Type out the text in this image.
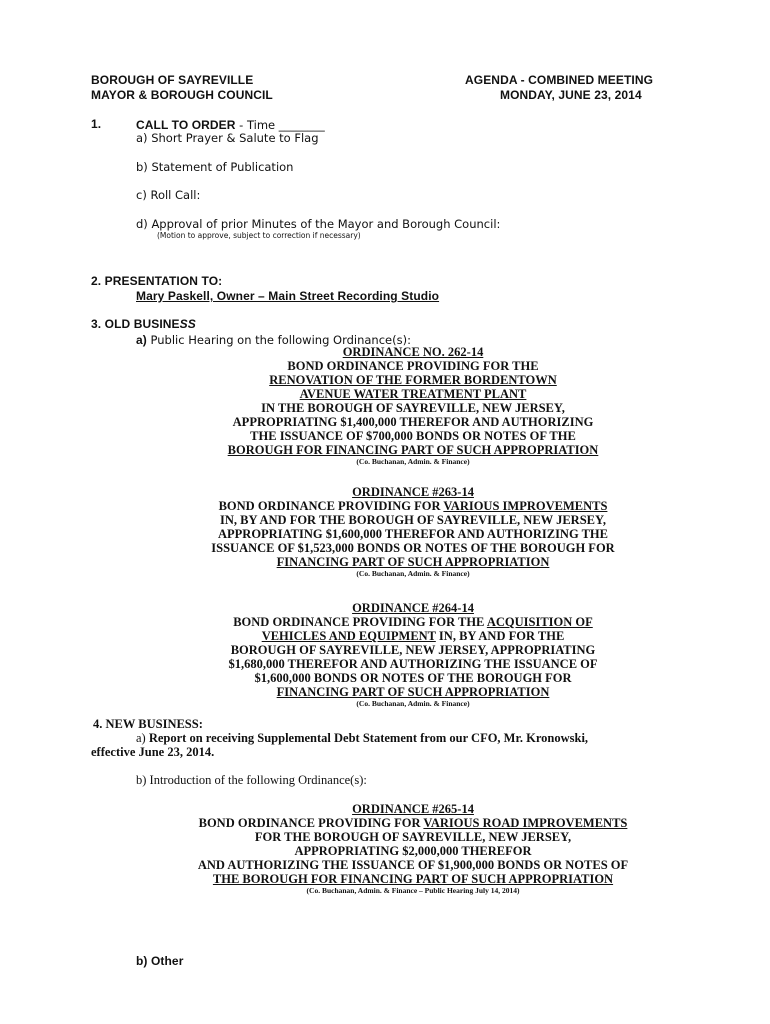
BOROUGH OF SAYREVILLE
MAYOR & BOROUGH COUNCIL
AGENDA - COMBINED MEETING
MONDAY, JUNE 23, 2014
1.	CALL TO ORDER - Time ________
a) Short Prayer & Salute to Flag
b) Statement of Publication
c) Roll Call:
d) Approval of prior Minutes of the Mayor and Borough Council:
(Motion to approve, subject to correction if necessary)
2. PRESENTATION TO:
Mary Paskell, Owner – Main Street Recording Studio
3. OLD BUSINESS
a) Public Hearing on the following Ordinance(s):
ORDINANCE NO. 262-14
BOND ORDINANCE PROVIDING FOR THE
RENOVATION OF THE FORMER BORDENTOWN
AVENUE WATER TREATMENT PLANT
IN THE BOROUGH OF SAYREVILLE, NEW JERSEY,
APPROPRIATING $1,400,000 THEREFOR AND AUTHORIZING
THE ISSUANCE OF $700,000 BONDS OR NOTES OF THE
BOROUGH FOR FINANCING PART OF SUCH APPROPRIATION
(Co. Buchanan, Admin. & Finance)
ORDINANCE #263-14
BOND ORDINANCE PROVIDING FOR VARIOUS IMPROVEMENTS
IN, BY AND FOR THE BOROUGH OF SAYREVILLE, NEW JERSEY,
APPROPRIATING $1,600,000 THEREFOR AND AUTHORIZING THE
ISSUANCE OF $1,523,000 BONDS OR NOTES OF THE BOROUGH FOR
FINANCING PART OF SUCH APPROPRIATION
(Co. Buchanan, Admin. & Finance)
ORDINANCE #264-14
BOND ORDINANCE PROVIDING FOR THE ACQUISITION OF
VEHICLES AND EQUIPMENT IN, BY AND FOR THE
BOROUGH OF SAYREVILLE, NEW JERSEY, APPROPRIATING
$1,680,000 THEREFOR AND AUTHORIZING THE ISSUANCE OF
$1,600,000 BONDS OR NOTES OF THE BOROUGH FOR
FINANCING PART OF SUCH APPROPRIATION
(Co. Buchanan, Admin. & Finance)
4. NEW BUSINESS:
a) Report on receiving Supplemental Debt Statement from our CFO, Mr. Kronowski,
effective June 23, 2014.
b) Introduction of the following Ordinance(s):
ORDINANCE #265-14
BOND ORDINANCE PROVIDING FOR VARIOUS ROAD IMPROVEMENTS
FOR THE BOROUGH OF SAYREVILLE, NEW JERSEY,
APPROPRIATING $2,000,000 THEREFOR
AND AUTHORIZING THE ISSUANCE OF $1,900,000 BONDS OR NOTES OF
THE BOROUGH FOR FINANCING PART OF SUCH APPROPRIATION
(Co. Buchanan, Admin. & Finance – Public Hearing July 14, 2014)
b) Other
